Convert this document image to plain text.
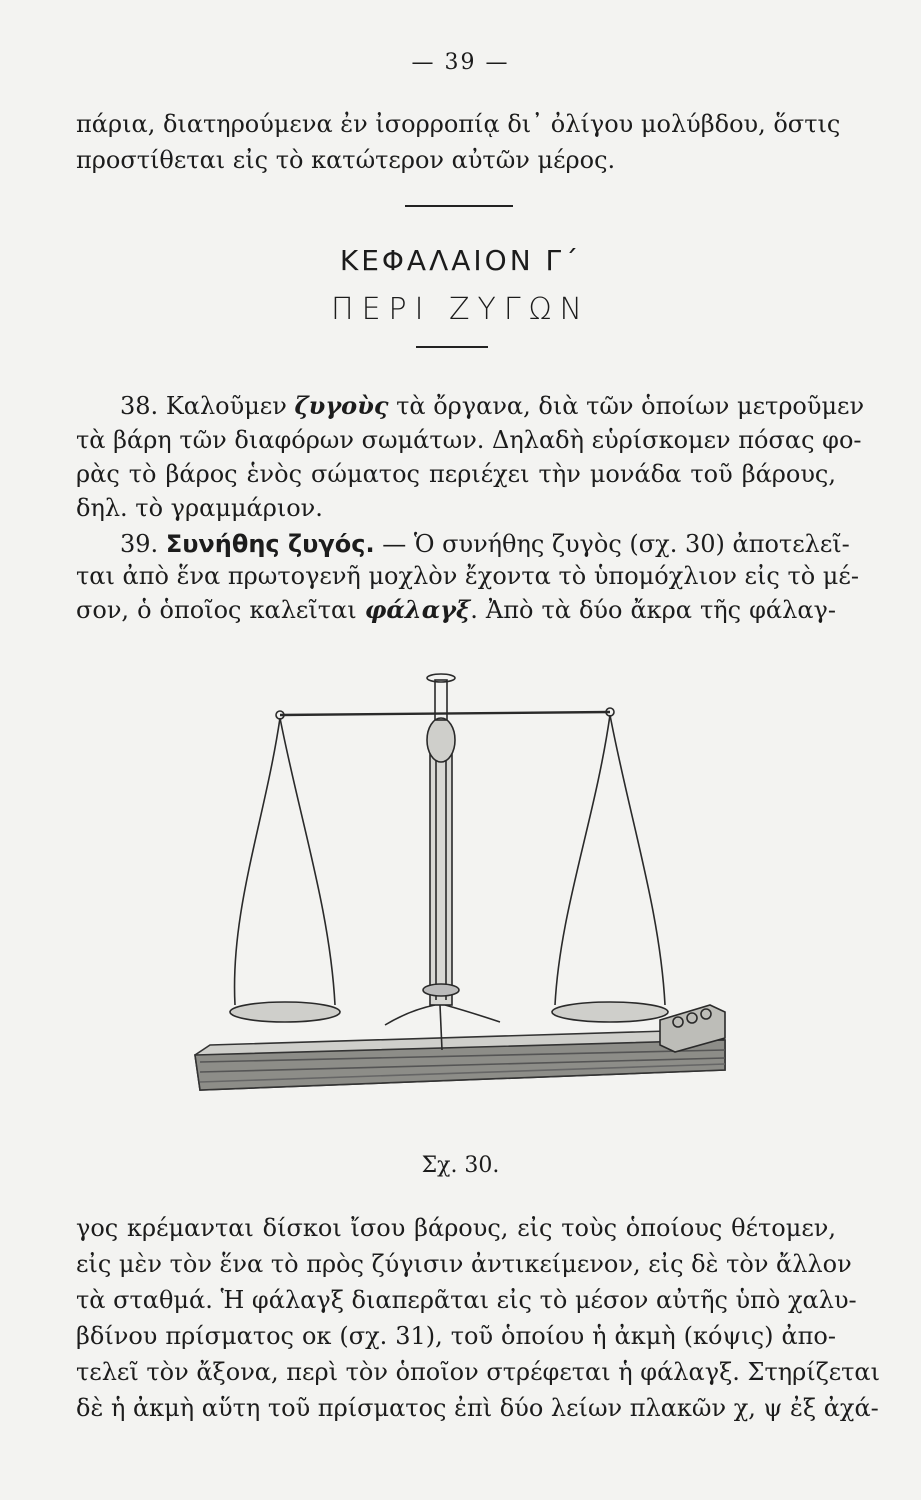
— 39 —
πάρια, διατηρούμενα ἐν ἰσορροπίᾳ δι᾽ ὀλίγου μολύβδου, ὅστις
προστίθεται εἰς τὸ κατώτερον αὐτῶν μέρος.
ΚΕΦΑΛΑΙΟΝ Γ΄
ΠΕΡΙ ΖΥΓΩΝ
38. Καλοῦμεν ζυγοὺς τὰ ὄργανα, διὰ τῶν ὁποίων μετροῦμεν
τὰ βάρη τῶν διαφόρων σωμάτων. Δηλαδὴ εὑρίσκομεν πόσας φο-
ρὰς τὸ βάρος ἑνὸς σώματος περιέχει τὴν μονάδα τοῦ βάρους,
δηλ. τὸ γραμμάριον.
39. Συνήθης ζυγός. — Ὁ συνήθης ζυγὸς (σχ. 30) ἀποτελεῖ-
ται ἀπὸ ἕνα πρωτογενῆ μοχλὸν ἔχοντα τὸ ὑπομόχλιον εἰς τὸ μέ-
σον, ὁ ὁποῖος καλεῖται φάλαγξ. Ἀπὸ τὰ δύο ἄκρα τῆς φάλαγ-
Σχ. 30.
γος κρέμανται δίσκοι ἴσου βάρους, εἰς τοὺς ὁποίους θέτομεν,
εἰς μὲν τὸν ἕνα τὸ πρὸς ζύγισιν ἀντικείμενον, εἰς δὲ τὸν ἄλλον
τὰ σταθμά. Ἡ φάλαγξ διαπερᾶται εἰς τὸ μέσον αὐτῆς ὑπὸ χαλυ-
βδίνου πρίσματος οκ (σχ. 31), τοῦ ὁποίου ἡ ἀκμὴ (κόψις) ἀπο-
τελεῖ τὸν ἄξονα, περὶ τὸν ὁποῖον στρέφεται ἡ φάλαγξ. Στηρίζεται
δὲ ἡ ἀκμὴ αὕτη τοῦ πρίσματος ἐπὶ δύο λείων πλακῶν χ, ψ ἐξ ἀχά-
